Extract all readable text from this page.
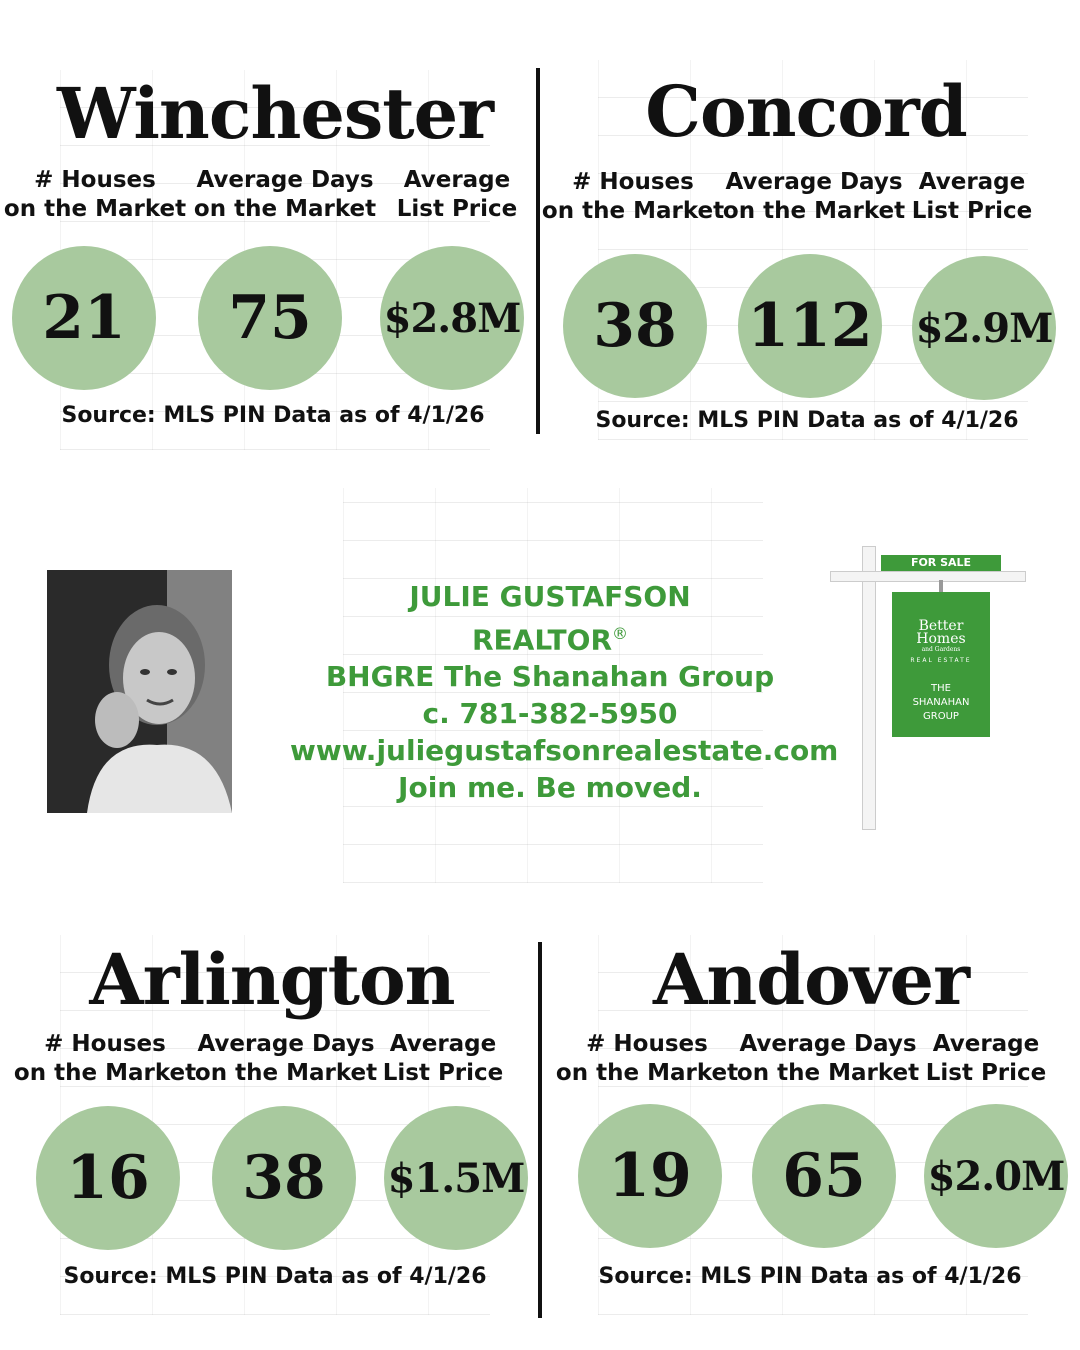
Winchester
# Houses
on the Market
Average Days
on the Market
Average
List Price
21 75 $2.8M
Source: MLS PIN Data as of 4/1/26
Concord
# Houses
on the Market
Average Days
on the Market
Average
List Price
38 112 $2.9M
Source: MLS PIN Data as of 4/1/26
Arlington
# Houses
on the Market
Average Days
on the Market
Average
List Price
16 38 $1.5M
Source: MLS PIN Data as of 4/1/26
Andover
# Houses
on the Market
Average Days
on the Market
Average
List Price
19 65 $2.0M
Source: MLS PIN Data as of 4/1/26
JULIE GUSTAFSON
REALTOR®
BHGRE The Shanahan Group
c. 781-382-5950
www.juliegustafsonrealestate.com
Join me. Be moved.
FOR SALE
Better
Homes
and Gardens
REAL ESTATE
THE
SHANAHAN
GROUP
